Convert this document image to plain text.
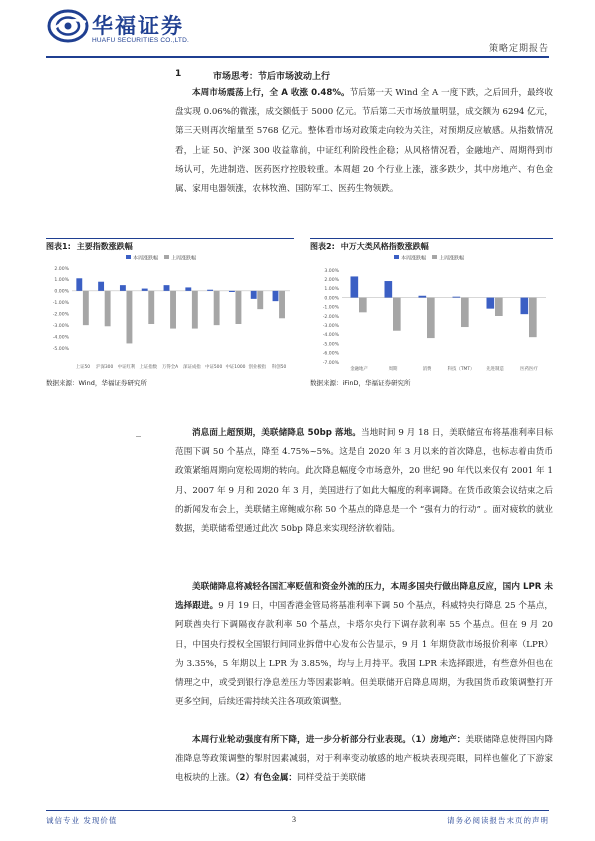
华福证券
HUAFU SECURITIES CO.,LTD.
策略定期报告
1	市场思考：节后市场波动上行

本周市场震荡上行，全 A 收涨 0.48%。节后第一天 Wind 全 A 一度下跌，之后回升，最终收盘实现 0.06%的微涨，成交额低于 5000 亿元。节后第二天市场放量明显，成交额为 6294 亿元，第三天则再次缩量至 5768 亿元。整体看市场对政策走向较为关注，对预期反应敏感。从指数情况看，上证 50、沪深 300 收益靠前，中证红利阶段性企稳；从风格情况看，金融地产、周期得到市场认可，先进制造、医药医疗控股较重。本周超 20 个行业上涨，涨多跌少，其中房地产、有色金属、家用电器领涨，农林牧渔、国防军工、医药生物领跌。

图表1: 主要指数涨跌幅
本周涨跌幅	上周涨跌幅
2.00%
1.00%
0.00%
-1.00%
-2.00%
-3.00%
-4.00%
-5.00%
上证50 沪深300 中证红利 上证指数 万得全A 深证成指 中证500 中证1000 创业板指 科创50
数据来源：Wind，华福证券研究所
图表2: 中万大类风格指数涨跌幅
本周涨跌幅	上周涨跌幅
3.00%
2.00%
1.00%
0.00%
-1.00%
-2.00%
-3.00%
-4.00%
-5.00%
-6.00%
-7.00%
金融地产	周期	消费	科技（TMT）	先进制造	医药医疗
数据来源：iFinD，华福证券研究所

消息面上超预期，美联储降息 50bp 落地。当地时间 9 月 18 日，美联储宣布将基准利率目标范围下调 50 个基点，降至 4.75%~5%。这是自 2020 年 3 月以来的首次降息，也标志着由货币政策紧缩周期向宽松周期的转向。此次降息幅度令市场意外，20 世纪 90 年代以来仅有 2001 年 1 月、2007 年 9 月和 2020 年 3 月，美国进行了如此大幅度的利率调降。在货币政策会议结束之后的新闻发布会上，美联储主席鲍威尔称 50 个基点的降息是一个 “强有力的行动” 。面对疲软的就业数据，美联储希望通过此次 50bp 降息来实现经济软着陆。

美联储降息将减轻各国汇率贬值和资金外流的压力，本周多国央行做出降息反应，国内 LPR 未选择跟进。9 月 19 日，中国香港金管局将基准利率下调 50 个基点，科威特央行降息 25 个基点，阿联酋央行下调隔夜存款利率 50 个基点，卡塔尔央行下调存款利率 55 个基点。但在 9 月 20 日，中国央行授权全国银行间同业拆借中心发布公告显示，9 月 1 年期贷款市场报价利率（LPR）为 3.35%，5 年期以上 LPR 为 3.85%，均与上月持平。我国 LPR 未选择跟进，有些意外但也在情理之中，或受到银行净息差压力等因素影响。但美联储开启降息周期，为我国货币政策调整打开更多空间，后续还需持续关注各项政策调整。

本周行业轮动强度有所下降，进一步分析部分行业表现。（1）房地产：美联储降息使得国内降准降息等政策调整的掣肘因素减弱，对于利率变动敏感的地产板块表现亮眼，同样也催化了下游家电板块的上涨。（2）有色金属：同样受益于美联储

诚信专业 发现价值	3	请务必阅读报告末页的声明
